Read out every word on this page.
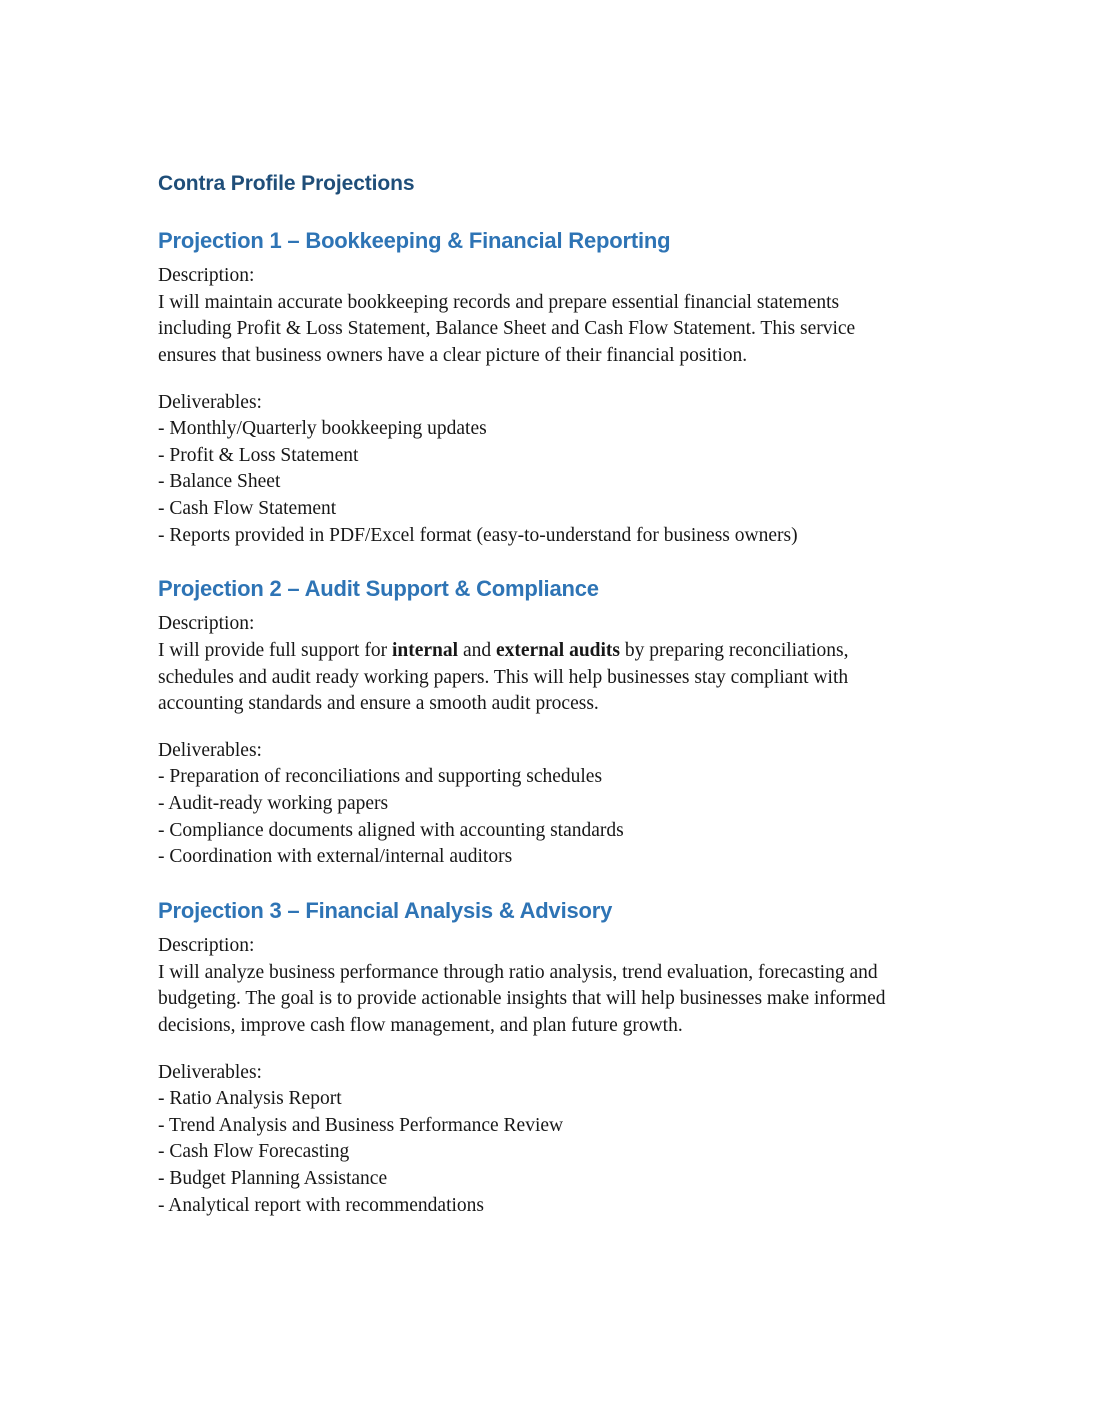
Contra Profile Projections
Projection 1 – Bookkeeping & Financial Reporting

Description:

I will maintain accurate bookkeeping records and prepare essential financial statements including Profit & Loss Statement, Balance Sheet and Cash Flow Statement. This service ensures that business owners have a clear picture of their financial position.

Deliverables:

- Monthly/Quarterly bookkeeping updates
- Profit & Loss Statement
- Balance Sheet
- Cash Flow Statement
- Reports provided in PDF/Excel format (easy-to-understand for business owners)
Projection 2 – Audit Support & Compliance

Description:

I will provide full support for internal and external audits by preparing reconciliations, schedules and audit ready working papers. This will help businesses stay compliant with accounting standards and ensure a smooth audit process.

Deliverables:

- Preparation of reconciliations and supporting schedules
- Audit-ready working papers
- Compliance documents aligned with accounting standards
- Coordination with external/internal auditors
Projection 3 – Financial Analysis & Advisory

Description:

I will analyze business performance through ratio analysis, trend evaluation, forecasting and budgeting. The goal is to provide actionable insights that will help businesses make informed decisions, improve cash flow management, and plan future growth.

Deliverables:

- Ratio Analysis Report
- Trend Analysis and Business Performance Review
- Cash Flow Forecasting
- Budget Planning Assistance
- Analytical report with recommendations
